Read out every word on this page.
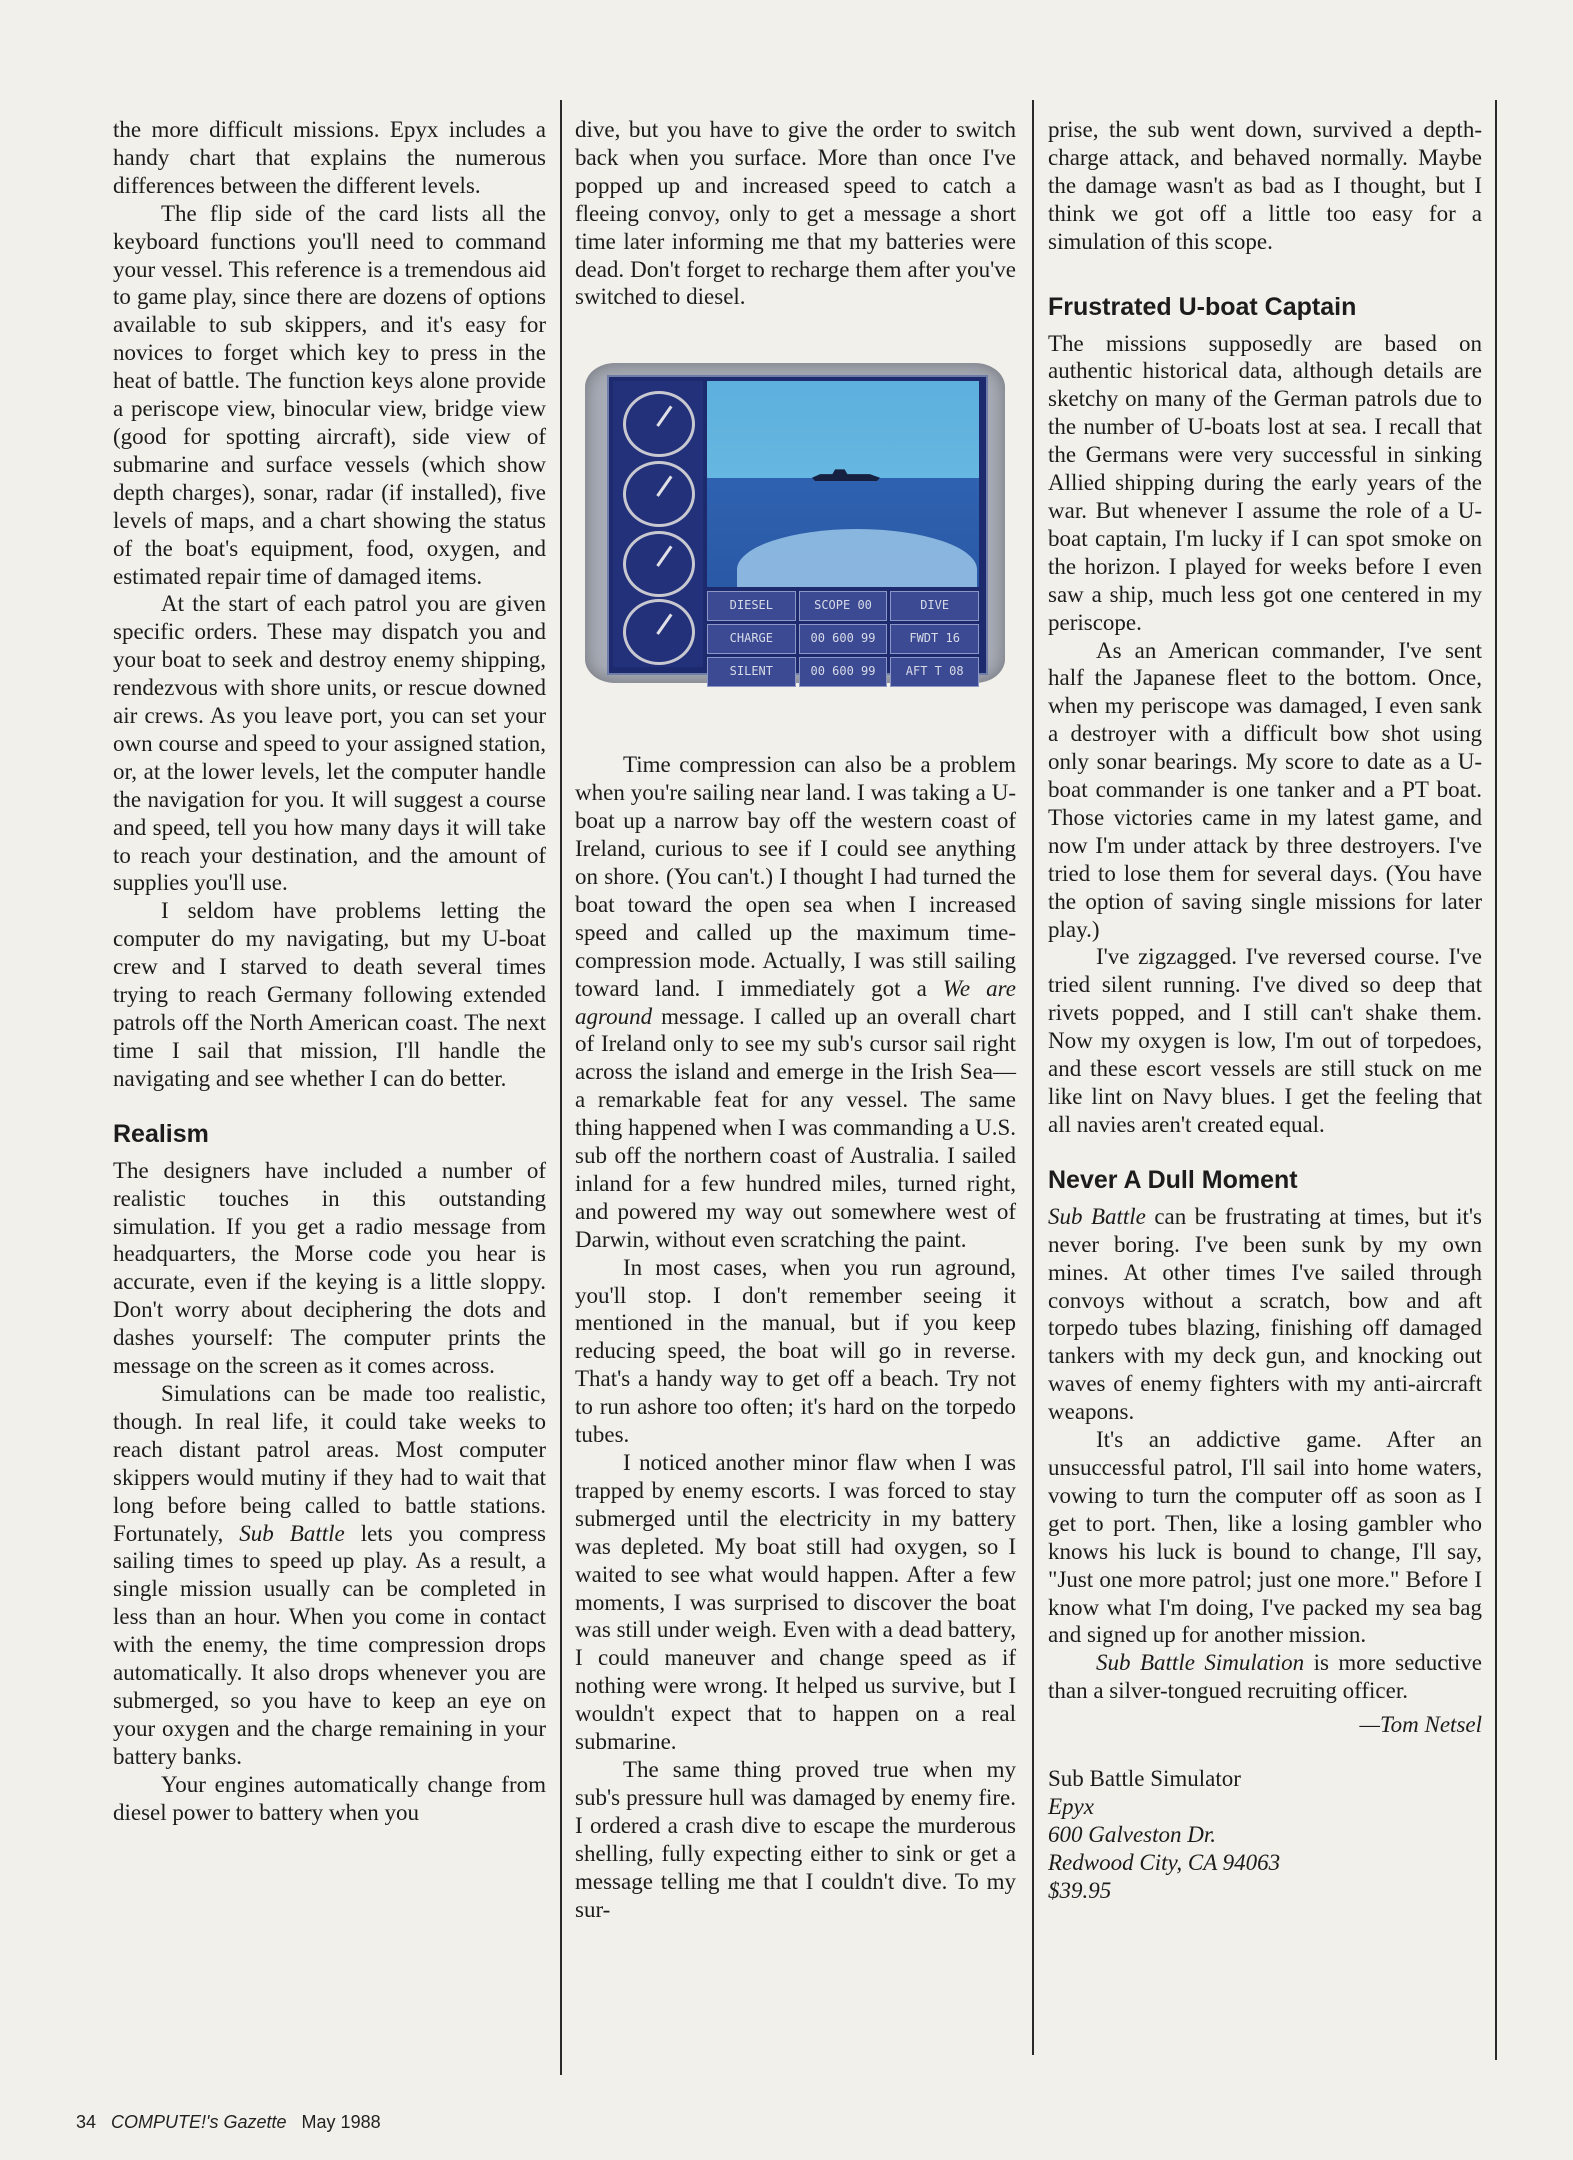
the more difficult missions. Epyx includes a handy chart that explains the numerous differences between the different levels.

The flip side of the card lists all the keyboard functions you'll need to command your vessel. This reference is a tremendous aid to game play, since there are dozens of options available to sub skippers, and it's easy for novices to forget which key to press in the heat of battle. The function keys alone provide a periscope view, binocular view, bridge view (good for spotting aircraft), side view of submarine and surface vessels (which show depth charges), sonar, radar (if installed), five levels of maps, and a chart showing the status of the boat's equipment, food, oxygen, and estimated repair time of damaged items.

At the start of each patrol you are given specific orders. These may dispatch you and your boat to seek and destroy enemy shipping, rendezvous with shore units, or rescue downed air crews. As you leave port, you can set your own course and speed to your assigned station, or, at the lower levels, let the computer handle the navigation for you. It will suggest a course and speed, tell you how many days it will take to reach your destination, and the amount of supplies you'll use.

I seldom have problems letting the computer do my navigating, but my U-boat crew and I starved to death several times trying to reach Germany following extended patrols off the North American coast. The next time I sail that mission, I'll handle the navigating and see whether I can do better.

Realism

The designers have included a number of realistic touches in this outstanding simulation. If you get a radio message from headquarters, the Morse code you hear is accurate, even if the keying is a little sloppy. Don't worry about deciphering the dots and dashes yourself: The computer prints the message on the screen as it comes across.

Simulations can be made too realistic, though. In real life, it could take weeks to reach distant patrol areas. Most computer skippers would mutiny if they had to wait that long before being called to battle stations. Fortunately, Sub Battle lets you compress sailing times to speed up play. As a result, a single mission usually can be completed in less than an hour. When you come in contact with the enemy, the time compression drops automatically. It also drops whenever you are submerged, so you have to keep an eye on your oxygen and the charge remaining in your battery banks.

Your engines automatically change from diesel power to battery when you

dive, but you have to give the order to switch back when you surface. More than once I've popped up and increased speed to catch a fleeing convoy, only to get a message a short time later informing me that my batteries were dead. Don't forget to recharge them after you've switched to diesel.

DIESEL	SCOPE 00	DIVE
CHARGE	00 600 99	FWDT 16
SILENT	00 600 99	AFT T 08

Time compression can also be a problem when you're sailing near land. I was taking a U-boat up a narrow bay off the western coast of Ireland, curious to see if I could see anything on shore. (You can't.) I thought I had turned the boat toward the open sea when I increased speed and called up the maximum time-compression mode. Actually, I was still sailing toward land. I immediately got a We are aground message. I called up an overall chart of Ireland only to see my sub's cursor sail right across the island and emerge in the Irish Sea—a remarkable feat for any vessel. The same thing happened when I was commanding a U.S. sub off the northern coast of Australia. I sailed inland for a few hundred miles, turned right, and powered my way out somewhere west of Darwin, without even scratching the paint.

In most cases, when you run aground, you'll stop. I don't remember seeing it mentioned in the manual, but if you keep reducing speed, the boat will go in reverse. That's a handy way to get off a beach. Try not to run ashore too often; it's hard on the torpedo tubes.

I noticed another minor flaw when I was trapped by enemy escorts. I was forced to stay submerged until the electricity in my battery was depleted. My boat still had oxygen, so I waited to see what would happen. After a few moments, I was surprised to discover the boat was still under weigh. Even with a dead battery, I could maneuver and change speed as if nothing were wrong. It helped us survive, but I wouldn't expect that to happen on a real submarine.

The same thing proved true when my sub's pressure hull was damaged by enemy fire. I ordered a crash dive to escape the murderous shelling, fully expecting either to sink or get a message telling me that I couldn't dive. To my sur-

prise, the sub went down, survived a depth-charge attack, and behaved normally. Maybe the damage wasn't as bad as I thought, but I think we got off a little too easy for a simulation of this scope.

Frustrated U-boat Captain

The missions supposedly are based on authentic historical data, although details are sketchy on many of the German patrols due to the number of U-boats lost at sea. I recall that the Germans were very successful in sinking Allied shipping during the early years of the war. But whenever I assume the role of a U-boat captain, I'm lucky if I can spot smoke on the horizon. I played for weeks before I even saw a ship, much less got one centered in my periscope.

As an American commander, I've sent half the Japanese fleet to the bottom. Once, when my periscope was damaged, I even sank a destroyer with a difficult bow shot using only sonar bearings. My score to date as a U-boat commander is one tanker and a PT boat. Those victories came in my latest game, and now I'm under attack by three destroyers. I've tried to lose them for several days. (You have the option of saving single missions for later play.)

I've zigzagged. I've reversed course. I've tried silent running. I've dived so deep that rivets popped, and I still can't shake them. Now my oxygen is low, I'm out of torpedoes, and these escort vessels are still stuck on me like lint on Navy blues. I get the feeling that all navies aren't created equal.

Never A Dull Moment

Sub Battle can be frustrating at times, but it's never boring. I've been sunk by my own mines. At other times I've sailed through convoys without a scratch, bow and aft torpedo tubes blazing, finishing off damaged tankers with my deck gun, and knocking out waves of enemy fighters with my anti-aircraft weapons.

It's an addictive game. After an unsuccessful patrol, I'll sail into home waters, vowing to turn the computer off as soon as I get to port. Then, like a losing gambler who knows his luck is bound to change, I'll say, "Just one more patrol; just one more." Before I know what I'm doing, I've packed my sea bag and signed up for another mission.

Sub Battle Simulation is more seductive than a silver-tongued recruiting officer.

—Tom Netsel
Sub Battle Simulator
Epyx
600 Galveston Dr.
Redwood City, CA 94063
$39.95
34 COMPUTE!'s Gazette May 1988
